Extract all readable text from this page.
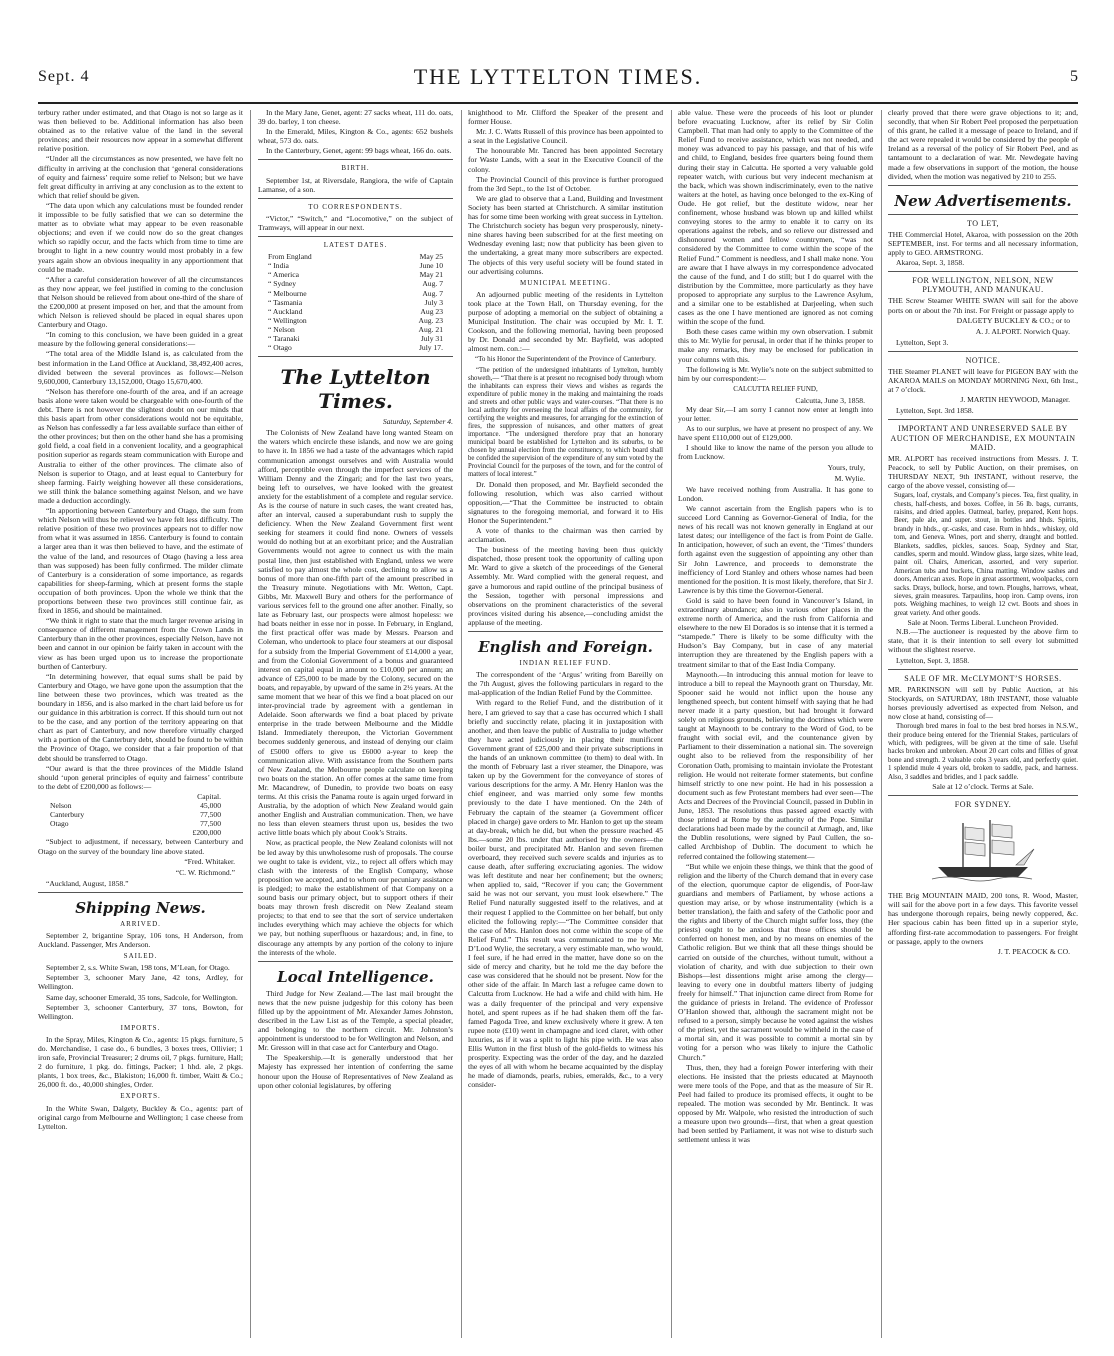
Sept. 4	THE LYTTELTON TIMES.	5

terbury rather under estimated, and that Otago is not so large as it was then believed to be. Additional information has also been obtained as to the relative value of the land in the several provinces; and their resources now appear in a somewhat different relative position.

“Under all the circumstances as now presented, we have felt no difficulty in arriving at the conclusion that ‘general considerations of equity and fairness’ require some relief to Nelson; but we have felt great difficulty in arriving at any conclusion as to the extent to which that relief should be given.

“The data upon which any calculations must be founded render it impossible to be fully satisfied that we can so determine the matter as to obviate what may appear to be even reasonable objections; and even if we could now do so the great changes which so rapidly occur, and the facts which from time to time are brought to light in a new country would most probably in a few years again show an obvious inequality in any apportionment that could be made.

“After a careful consideration however of all the circumstances as they now appear, we feel justified in coming to the conclusion that Nelson should be relieved from about one-third of the share of the £200,000 at present imposed on her, and that the amount from which Nelson is relieved should be placed in equal shares upon Canterbury and Otago.

“In coming to this conclusion, we have been guided in a great measure by the following general considerations:—

“The total area of the Middle Island is, as calculated from the best information in the Land Office at Auckland, 38,492,400 acres, divided between the several provinces as follows:—Nelson 9,600,000, Canterbury 13,152,000, Otago 15,670,400.

“Nelson has therefore one-fourth of the area, and if an acreage basis alone were taken would be chargeable with one-fourth of the debt. There is not however the slightest doubt on our minds that this basis apart from other considerations would not be equitable, as Nelson has confessedly a far less available surface than either of the other provinces; but then on the other hand she has a promising gold field, a coal field in a convenient locality, and a geographical position superior as regards steam communication with Europe and Australia to either of the other provinces. The climate also of Nelson is superior to Otago, and at least equal to Canterbury for sheep farming. Fairly weighing however all these considerations, we still think the balance something against Nelson, and we have made a deduction accordingly.

“In apportioning between Canterbury and Otago, the sum from which Nelson will thus be relieved we have felt less difficulty. The relative position of these two provinces appears not to differ now from what it was assumed in 1856. Canterbury is found to contain a larger area than it was then believed to have, and the estimate of the value of the land, and resources of Otago (having a less area than was supposed) has been fully confirmed. The milder climate of Canterbury is a consideration of some importance, as regards capabilities for sheep-farming, which at present forms the staple occupation of both provinces. Upon the whole we think that the proportions between these two provinces still continue fair, as fixed in 1856, and should be maintained.

“We think it right to state that the much larger revenue arising in consequence of different management from the Crown Lands in Canterbury than in the other provinces, especially Nelson, have not been and cannot in our opinion be fairly taken in account with the view as has been urged upon us to increase the proportionate burthen of Canterbury.

“In determining however, that equal sums shall be paid by Canterbury and Otago, we have gone upon the assumption that the line between these two provinces, which was treated as the boundary in 1856, and is also marked in the chart laid before us for our guidance in this arbitration is correct. If this should turn out not to be the case, and any portion of the territory appearing on that chart as part of Canterbury, and now therefore virtually charged with a portion of the Canterbury debt, should be found to be within the Province of Otago, we consider that a fair proportion of that debt should be transferred to Otago.

“Our award is that the three provinces of the Middle Island should ‘upon general principles of equity and fairness’ contribute to the debt of £200,000 as follows:—

Capital.
Nelson	45,000
Canterbury	77,500
Otago	77,500
£200,000

“Subject to adjustment, if necessary, between Canterbury and Otago on the survey of the boundary line above stated.

“Fred. Whitaker.
“C. W. Richmond.”

“Auckland, August, 1858.”

Shipping News.
ARRIVED.

September 2, brigantine Spray, 106 tons, H Anderson, from Auckland. Passenger, Mrs Anderson.

SAILED.

September 2, s.s. White Swan, 198 tons, M’Lean, for Otago.

September 3, schooner Mary Jane, 42 tons, Ardley, for Wellington.

Same day, schooner Emerald, 35 tons, Sadcole, for Wellington.

September 3, schooner Canterbury, 37 tons, Bowton, for Wellington.

IMPORTS.

In the Spray, Miles, Kington & Co., agents: 15 pkgs. furniture, 5 do. Merchandise, 1 case do., 6 bundles, 3 boxes trees, Ollivier; 1 iron safe, Provincial Treasurer; 2 drums oil, 7 pkgs. furniture, Hall; 2 do furniture, 1 pkg. do. fittings, Packer; 1 hhd. ale, 2 pkgs. plants, 1 box trees, &c., Blakiston; 16,000 ft. timber, Waitt & Co.; 26,000 ft. do., 40,000 shingles, Order.

EXPORTS.

In the White Swan, Dalgety, Buckley & Co., agents: part of original cargo from Melbourne and Wellington; 1 case cheese from Lyttelton.

In the Mary Jane, Genet, agent: 27 sacks wheat, 111 do. oats, 39 do. barley, 1 ton cheese.

In the Emerald, Miles, Kington & Co., agents: 652 bushels wheat, 573 do. oats.

In the Canterbury, Genet, agent: 99 bags wheat, 166 do. oats.

BIRTH.

September 1st, at Riversdale, Rangiora, the wife of Captain Lamanse, of a son.

TO CORRESPONDENTS.

“Victor,” “Switch,” and “Locomotive,” on the subject of Tramways, will appear in our next.

LATEST DATES.
From England	May 25
“ India	June 10
“ America	May 21
“ Sydney	Aug. 7
“ Melbourne	Aug. 7
“ Tasmania	July 3
“ Auckland	Aug 23
“ Wellington	Aug. 23
“ Nelson	Aug. 21
“ Taranaki	July 31
“ Otago	July 17.
The Lyttelton Times.
Saturday, September 4.

The Colonists of New Zealand have long wanted Steam on the waters which encircle these islands, and now we are going to have it. In 1856 we had a taste of the advantages which rapid communication amongst ourselves and with Australia would afford, perceptible even through the imperfect services of the William Denny and the Zingari; and for the last two years, being left to ourselves, we have looked with the greatest anxiety for the establishment of a complete and regular service. As is the course of nature in such cases, the want created has, after an interval, caused a superabundant rush to supply the deficiency. When the New Zealand Government first went seeking for steamers it could find none. Owners of vessels would do nothing but at an exorbitant price; and the Australian Governments would not agree to connect us with the main postal line, then just established with England, unless we were satisfied to pay almost the whole cost, declining to allow us a bonus of more than one-fifth part of the amount prescribed in the Treasury minute. Negotiations with Mr. Wetton, Capt. Gibbs, Mr. Maxwell Bury and others for the performance of various services fell to the ground one after another. Finally, so late as February last, our prospects were almost hopeless: we had boats neither in esse nor in posse. In February, in England, the first practical offer was made by Messrs. Pearson and Coleman, who undertook to place four steamers at our disposal for a subsidy from the Imperial Government of £14,000 a year, and from the Colonial Government of a bonus and guaranteed interest on capital equal in amount to £10,000 per annum; an advance of £25,000 to be made by the Colony, secured on the boats, and repayable, by upward of the same in 2½ years. At the same moment that we hear of this we find a boat placed on our inter-provincial trade by agreement with a gentleman in Adelaide. Soon afterwards we find a boat placed by private enterprise in the trade between Melbourne and the Middle Island. Immediately thereupon, the Victorian Government becomes suddenly generous, and instead of denying our claim of £5000 offers to give us £6000 a-year to keep the communication alive. With assistance from the Southern parts of New Zealand, the Melbourne people calculate on keeping two boats on the station. An offer comes at the same time from Mr. Macandrew, of Dunedin, to provide two boats on easy terms. At this crisis the Panama route is again urged forward in Australia, by the adoption of which New Zealand would gain another English and Australian communication. Then, we have no less than eleven steamers thrust upon us, besides the two active little boats which ply about Cook’s Straits.

Now, as practical people, the New Zealand colonists will not be led away by this unwholesome rush of proposals. The course we ought to take is evident, viz., to reject all offers which may clash with the interests of the English Company, whose proposition we accepted, and to whom our pecuniary assistance is pledged; to make the establishment of that Company on a sound basis our primary object, but to support others if their boats may thrown fresh discredit on New Zealand steam projects; to that end to see that the sort of service undertaken includes everything which may achieve the objects for which we pay, but nothing superfluous or hazardous; and, in fine, to discourage any attempts by any portion of the colony to injure the interests of the whole.

Local Intelligence.

Third Judge for New Zealand.—The last mail brought the news that the new puisne judgeship for this colony has been filled up by the appointment of Mr. Alexander James Johnston, described in the Law List as of the Temple, a special pleader, and belonging to the northern circuit. Mr. Johnston’s appointment is understood to be for Wellington and Nelson, and Mr. Gresson will in that case act for Canterbury and Otago.

The Speakership.—It is generally understood that her Majesty has expressed her intention of conferring the same honour upon the House of Representatives of New Zealand as upon other colonial legislatures, by offering

knighthood to Mr. Clifford the Speaker of the present and former House.

Mr. J. C. Watts Russell of this province has been appointed to a seat in the Legislative Council.

The honourable Mr. Tancred has been appointed Secretary for Waste Lands, with a seat in the Executive Council of the colony.

The Provincial Council of this province is further prorogued from the 3rd Sept., to the 1st of October.

We are glad to observe that a Land, Building and Investment Society has been started at Christchurch. A similar institution has for some time been working with great success in Lyttelton. The Christchurch society has begun very prosperously, ninety-nine shares having been subscribed for at the first meeting on Wednesday evening last; now that publicity has been given to the undertaking, a great many more subscribers are expected. The objects of this very useful society will be found stated in our advertising columns.

MUNICIPAL MEETING.

An adjourned public meeting of the residents in Lyttelton took place at the Town Hall, on Thursday evening, for the purpose of adopting a memorial on the subject of obtaining a Municipal Institution. The chair was occupied by Mr. I. T. Cookson, and the following memorial, having been proposed by Dr. Donald and seconded by Mr. Bayfield, was adopted almost nem. con.:—

“To his Honor the Superintendent of the Province of Canterbury.

“The petition of the undersigned inhabitants of Lyttelton, humbly showeth,— “That there is at present no recognised body through whom the inhabitants can express their views and wishes as regards the expenditure of public money in the making and maintaining the roads and streets and other public ways and water-courses. “That there is no local authority for overseeing the local affairs of the community, for certifying the weights and measures, for arranging for the extinction of fires, the suppression of nuisances, and other matters of great importance. “The undersigned therefore pray that an honorary municipal board be established for Lyttelton and its suburbs, to be chosen by annual election from the constituency, to which board shall be confided the supervision of the expenditure of any sum voted by the Provincial Council for the purposes of the town, and for the control of matters of local interest.”

Dr. Donald then proposed, and Mr. Bayfield seconded the following resolution, which was also carried without opposition,—“That the Committee be instructed to obtain signatures to the foregoing memorial, and forward it to His Honor the Superintendent.”

A vote of thanks to the chairman was then carried by acclamation.

The business of the meeting having been thus quickly dispatched, those present took the opportunity of calling upon Mr. Ward to give a sketch of the proceedings of the General Assembly. Mr. Ward complied with the general request, and gave a humorous and rapid outline of the principal business of the Session, together with personal impressions and observations on the prominent characteristics of the several provinces visited during his absence,—concluding amidst the applause of the meeting.

English and Foreign.
INDIAN RELIEF FUND.

The correspondent of the ‘Argus’ writing from Bareilly on the 7th August, gives the following particulars in regard to the mal-application of the Indian Relief Fund by the Committee.

With regard to the Relief Fund, and the distribution of it here, I am grieved to say that a case has occurred which I shall briefly and succinctly relate, placing it in juxtaposition with another, and then leave the public of Australia to judge whether they have acted judiciously in placing their munificent Government grant of £25,000 and their private subscriptions in the hands of an unknown committee (to them) to deal with. In the month of February last a river steamer, the Dinapore, was taken up by the Government for the conveyance of stores of various descriptions for the army. A Mr. Henry Hanlon was the chief engineer, and was married only some few months previously to the date I have mentioned. On the 24th of February the captain of the steamer (a Government officer placed in charge) gave orders to Mr. Hanlon to get up the steam at day-break, which he did, but when the pressure reached 45 lbs.—some 20 lbs. under that authorised by the owners—the boiler burst, and precipitated Mr. Hanlon and seven firemen overboard, they received such severe scalds and injuries as to cause death, after suffering excruciating agonies. The widow was left destitute and near her confinement; but the owners; when applied to, said, “Recover if you can; the Government said he was not our servant, you must look elsewhere.” The Relief Fund naturally suggested itself to the relatives, and at their request I applied to the Committee on her behalf, but only elicited the following reply:—“The Committee consider that the case of Mrs. Hanlon does not come within the scope of the Relief Fund.” This result was communicated to me by Mr. D’Lood Wylie, the secretary, a very estimable man, who would, I feel sure, if he had erred in the matter, have done so on the side of mercy and charity, but he told me the day before the case was considered that he should not be present. Now for the other side of the affair. In March last a refugee came down to Calcutta from Lucknow. He had a wife and child with him. He was a daily frequenter of the principal and very expensive hotel, and spent rupees as if he had shaken them off the far-famed Pagoda Tree, and knew exclusively where it grew. A ten rupee note (£10) went in champagne and iced claret, with other luxuries, as if it was a split to light his pipe with. He was also Ellis Wutton in the first blush of the gold-fields to witness his prosperity. Expecting was the order of the day, and he dazzled the eyes of all with whom he became acquainted by the display he made of diamonds, pearls, rubies, emeralds, &c., to a very consider-

able value. These were the proceeds of his loot or plunder before evacuating Lucknow, after its relief by Sir Colin Campbell. That man had only to apply to the Committee of the Relief Fund to receive assistance, which was not needed, and money was advanced to pay his passage, and that of his wife and child, to England, besides free quarters being found them during their stay in Calcutta. He sported a very valuable gold repeater watch, with curious but very indecent mechanism at the back, which was shown indiscriminately, even to the native waiters at the hotel, as having once belonged to the ex-King of Oude. He got relief, but the destitute widow, near her confinement, whose husband was blown up and killed whilst conveying stores to the army to enable it to carry on its operations against the rebels, and so relieve our distressed and dishonoured women and fellow countrymen, “was not considered by the Committee to come within the scope of the Relief Fund.” Comment is needless, and I shall make none. You are aware that I have always in my correspondence advocated the cause of the fund, and I do still; but I do quarrel with the distribution by the Committee, more particularly as they have proposed to appropriate any surplus to the Lawrence Asylum, and a similar one to be established at Darjeeling, when such cases as the one I have mentioned are ignored as not coming within the scope of the fund.

Both these cases came within my own observation. I submit this to Mr. Wylie for perusal, in order that if he thinks proper to make any remarks, they may be enclosed for publication in your columns with this.

The following is Mr. Wylie’s note on the subject submitted to him by our correspondent:—

CALCUTTA RELIEF FUND,
Calcutta, June 3, 1858.

My dear Sir,—I am sorry I cannot now enter at length into your letter.

As to our surplus, we have at present no prospect of any. We have spent £110,000 out of £129,000.

I should like to know the name of the person you allude to from Lucknow.

Yours, truly,
M. Wylie.

We have received nothing from Australia. It has gone to London.

We cannot ascertain from the English papers who is to succeed Lord Canning as Governor-General of India, for the news of his recall was not known generally in England at our latest dates; our intelligence of the fact is from Point de Galle. In anticipation, however, of such an event, the ‘Times’ thunders forth against even the suggestion of appointing any other than Sir John Lawrence, and proceeds to demonstrate the inefficiency of Lord Stanley and others whose names had been mentioned for the position. It is most likely, therefore, that Sir J. Lawrence is by this time the Governor-General.

Gold is said to have been found in Vancouver’s Island, in extraordinary abundance; also in various other places in the extreme north of America, and the rush from California and elsewhere to the new El Dorados is so intense that it is termed a “stampede.” There is likely to be some difficulty with the Hudson’s Bay Company, but in case of any material interruption they are threatened by the English papers with a treatment similar to that of the East India Company.

Maynooth.—In introducing this annual motion for leave to introduce a bill to repeal the Maynooth grant on Thursday, Mr. Spooner said he would not inflict upon the house any lengthened speech, but content himself with saying that he had never made it a party question, but had brought it forward solely on religious grounds, believing the doctrines which were taught at Maynooth to be contrary to the Word of God, to be fraught with social evil, and the countenance given by Parliament to their dissemination a national sin. The sovereign ought also to be relieved from the responsibility of her Coronation Oath, promising to maintain inviolate the Protestant religion. He would not reiterate former statements, but confine himself strictly to one new point. He had in his possession a document such as few Protestant members had ever seen—The Acts and Decrees of the Provincial Council, passed in Dublin in June, 1853. The resolutions thus passed agreed exactly with those printed at Rome by the authority of the Pope. Similar declarations had been made by the council at Armagh, and, like the Dublin resolutions, were signed by Paul Cullen, the so-called Archbishop of Dublin. The document to which he referred contained the following statement—

“But while we enjoin these things, we think that the good of religion and the liberty of the Church demand that in every case of the election, quorumque captor de eligendis, of Poor-law guardians and members of Parliament, by whose actions a question may arise, or by whose instrumentality (which is a better translation), the faith and safety of the Catholic poor and the rights and liberty of the Church might suffer loss, they (the priests) ought to be anxious that those offices should be conferred on honest men, and by no means on enemies of the Catholic religion. But we think that all these things should be carried on outside of the churches, without tumult, without a violation of charity, and with due subjection to their own Bishops—lest dissentions might arise among the clergy—leaving to every one in doubtful matters liberty of judging freely for himself.” That injunction came direct from Rome for the guidance of priests in Ireland. The evidence of Professor O’Hanlon showed that, although the sacrament might not be refused to a person, simply because he voted against the wishes of the priest, yet the sacrament would be withheld in the case of a mortal sin, and it was possible to commit a mortal sin by voting for a person who was likely to injure the Catholic Church.”

Thus, then, they had a foreign Power interfering with their elections. He insisted that the priests educated at Maynooth were mere tools of the Pope, and that as the measure of Sir R. Peel had failed to produce its promised effects, it ought to be repealed. The motion was seconded by Mr. Bentinck. It was opposed by Mr. Walpole, who resisted the introduction of such a measure upon two grounds—first, that when a great question had been settled by Parliament, it was not wise to disturb such settlement unless it was

clearly proved that there were grave objections to it; and, secondly, that when Sir Robert Peel proposed the perpetuation of this grant, he called it a message of peace to Ireland, and if the act were repealed it would be considered by the people of Ireland as a reversal of the policy of Sir Robert Peel, and as tantamount to a declaration of war. Mr. Newdegate having made a few observations in support of the motion, the house divided, when the motion was negatived by 210 to 255.

New Advertisements.
TO LET,

THE Commercial Hotel, Akaroa, with possession on the 20th SEPTEMBER, inst. For terms and all necessary information, apply to GEO. ARMSTRONG.

Akaroa, Sept. 3, 1858.

FOR WELLINGTON, NELSON, NEW PLYMOUTH, AND MANUKAU.

THE Screw Steamer WHITE SWAN will sail for the above ports on or about the 7th inst. For Freight or passage apply to

DALGETY BUCKLEY & CO.; or to
A. J. ALPORT. Norwich Quay.

Lyttelton, Sept 3.

NOTICE.

THE Steamer PLANET will leave for PIGEON BAY with the AKAROA MAILS on MONDAY MORNING Next, 6th Inst., at 7 o’clock.

J. MARTIN HEYWOOD, Manager.

Lyttelton, Sept. 3rd 1858.

IMPORTANT AND UNRESERVED SALE BY AUCTION OF MERCHANDISE, EX MOUNTAIN MAID.

MR. ALPORT has received instructions from Messrs. J. T. Peacock, to sell by Public Auction, on their premises, on THURSDAY NEXT, 9th INSTANT, without reserve, the cargo of the above vessel, consisting of—

Sugars, loaf, crystals, and Company’s pieces. Tea, first quality, in chests, half-chests, and boxes. Coffee, in 56 lb. bags, currants, raisins, and dried apples. Oatmeal, barley, prepared, Kent hops. Beer, pale ale, and super. stout, in bottles and hhds. Spirits, brandy in hhds., qr.-casks, and case. Rum in hhds., whiskey, old tom, and Geneva. Wines, port and sherry, draught and bottled. Blankets, saddles, pickles, sauces. Soap, Sydney and Star, candles, sperm and mould. Window glass, large sizes, white lead, paint oil. Chairs, American, assorted, and very superior. American tubs and buckets, China matting. Window sashes and doors, American axes. Rope in great assortment, woolpacks, corn sacks. Drays, bullock, horse, and town. Ploughs, harrows, wheat, sieves, grain measures. Tarpaulins, hoop iron. Camp ovens, iron pots. Weighing machines, to weigh 12 cwt. Boots and shoes in great variety. And other goods.

Sale at Noon. Terms Liberal. Luncheon Provided.

N.B.—The auctioneer is requested by the above firm to state, that it is their intention to sell every lot submitted without the slightest reserve.

Lyttelton, Sept. 3, 1858.

SALE OF MR. McCLYMONT’S HORSES.

MR. PARKINSON will sell by Public Auction, at his Stockyards, on SATURDAY, 18th INSTANT, those valuable horses previously advertised as expected from Nelson, and now close at hand, consisting of—

Thorough bred mares in foal to the best bred horses in N.S.W., their produce being entered for the Triennial Stakes, particulars of which, with pedigrees, will be given at the time of sale. Useful hacks broken and unbroken. About 20 cart colts and fillies of great bone and strength. 2 valuable cobs 3 years old, and perfectly quiet. 1 splendid mule 4 years old, broken to saddle, pack, and harness. Also, 3 saddles and bridles, and 1 pack saddle.

Sale at 12 o’clock. Terms at Sale.
FOR SYDNEY.

THE Brig MOUNTAIN MAID, 200 tons, R. Wood, Master, will sail for the above port in a few days. This favorite vessel has undergone thorough repairs, being newly coppered, &c. Her spacious cabin has been fitted up in a superior style, affording first-rate accommodation to passengers. For freight or passage, apply to the owners

J. T. PEACOCK & CO.
